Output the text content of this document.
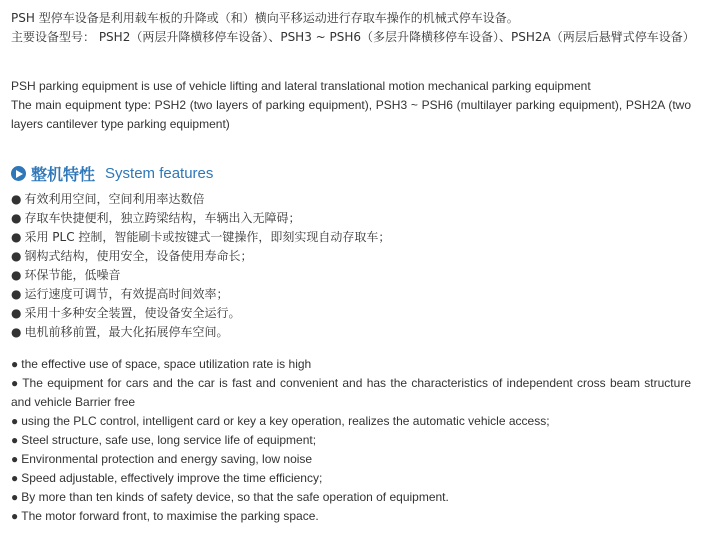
PSH 型停车设备是利用载车板的升降或（和）横向平移运动进行存取车操作的机械式停车设备。
主要设备型号： PSH2（两层升降横移停车设备）、PSH3 ~ PSH6（多层升降横移停车设备）、PSH2A（两层后悬臂式停车设备）

PSH parking equipment is use of vehicle lifting and lateral translational motion mechanical parking equipment
The main equipment type: PSH2 (two layers of parking equipment), PSH3 ~ PSH6 (multilayer parking equipment), PSH2A (two layers cantilever type parking equipment)

整机特性 System features
● 有效利用空间，空间利用率达数倍
● 存取车快捷便利，独立跨梁结构，车辆出入无障碍；
● 采用 PLC 控制，智能刷卡或按键式一键操作，即刻实现自动存取车；
● 钢构式结构，使用安全，设备使用寿命长；
● 环保节能，低噪音
● 运行速度可调节，有效提高时间效率；
● 采用十多种安全装置，使设备安全运行。
● 电机前移前置，最大化拓展停车空间。
● the effective use of space, space utilization rate is high
● The equipment for cars and the car is fast and convenient and has the characteristics of independent cross beam structure and vehicle Barrier free
● using the PLC control, intelligent card or key a key operation, realizes the automatic vehicle access;
● Steel structure, safe use, long service life of equipment;
● Environmental protection and energy saving, low noise
● Speed adjustable, effectively improve the time efficiency;
● By more than ten kinds of safety device, so that the safe operation of equipment.
● The motor forward front, to maximise the parking space.
